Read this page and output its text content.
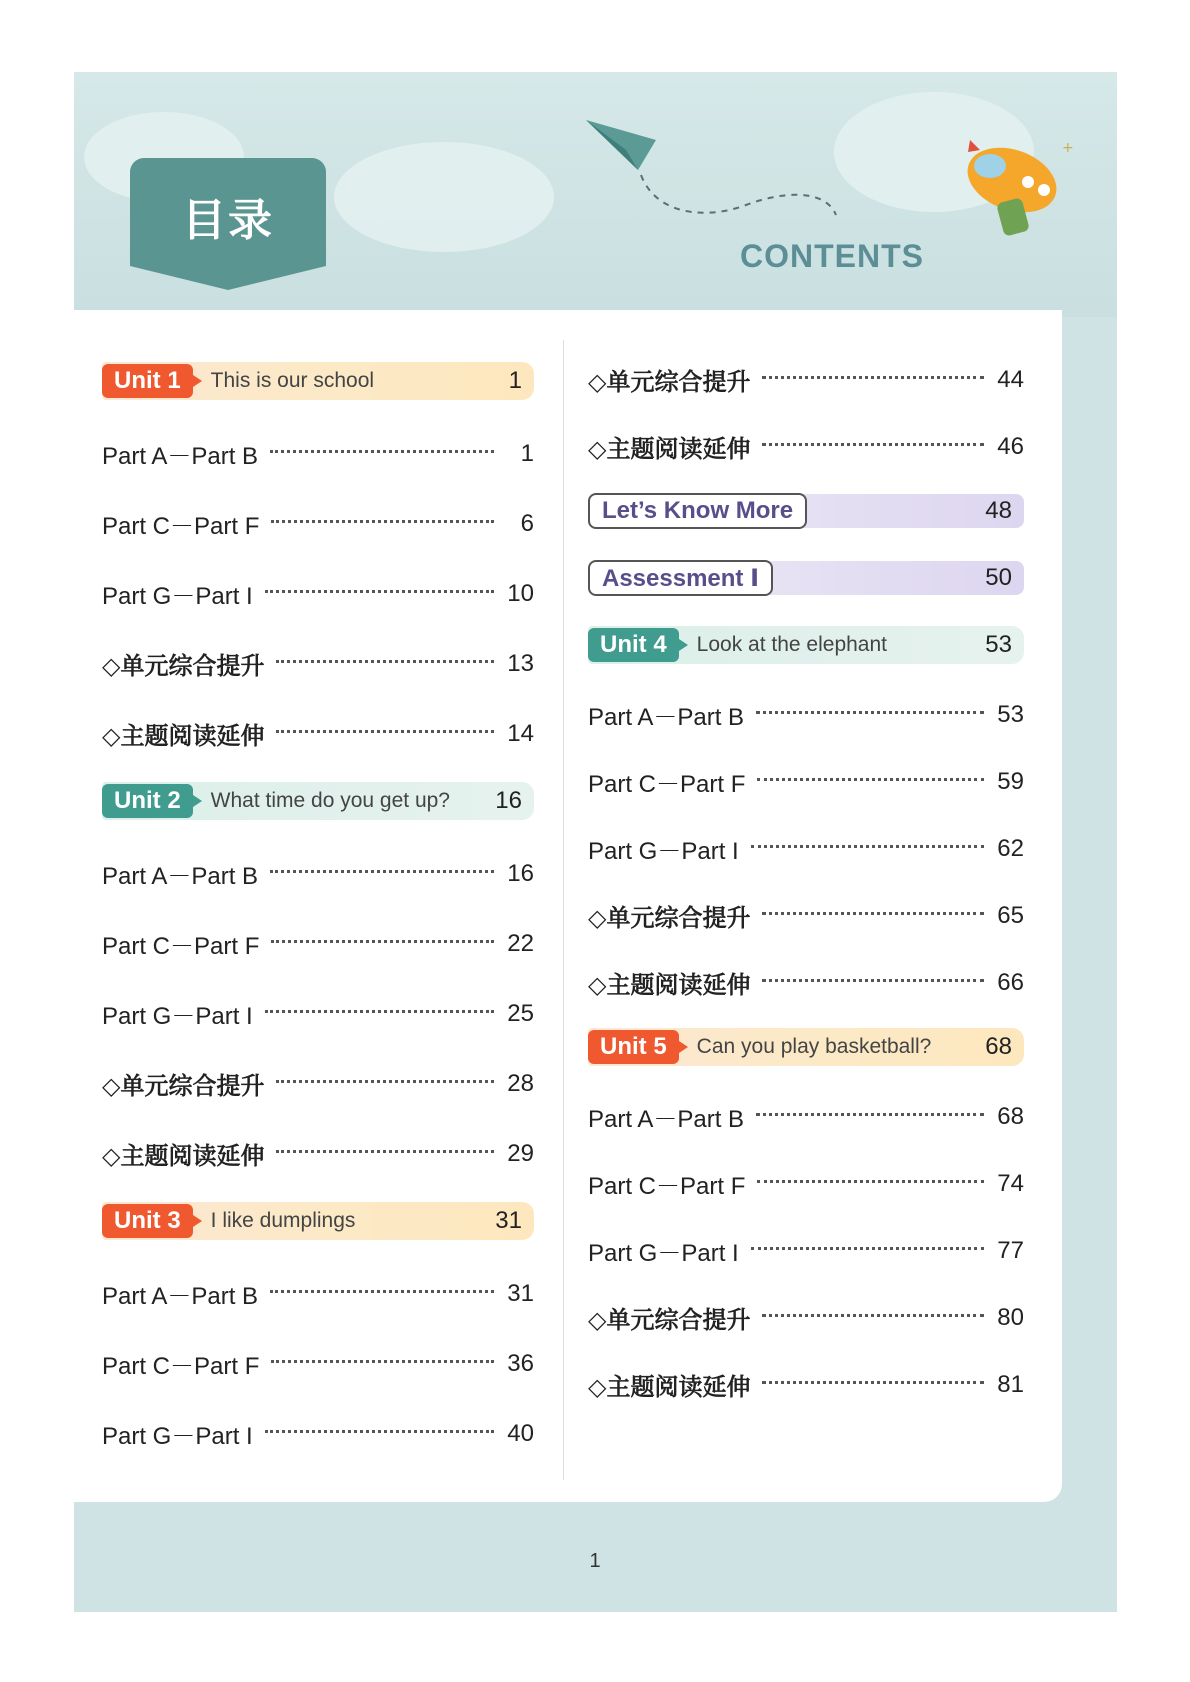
目录
CONTENTS
+
Unit 1	This is our school	1
Part A－Part B	1
Part C－Part F	6
Part G－Part I	10
◇单元综合提升	13
◇主题阅读延伸	14
Unit 2	What time do you get up?	16
Part A－Part B	16
Part C－Part F	22
Part G－Part I	25
◇单元综合提升	28
◇主题阅读延伸	29
Unit 3	I like dumplings	31
Part A－Part B	31
Part C－Part F	36
Part G－Part I	40
◇单元综合提升	44
◇主题阅读延伸	46
Let’s Know More	48
Assessment Ⅰ	50
Unit 4	Look at the elephant	53
Part A－Part B	53
Part C－Part F	59
Part G－Part I	62
◇单元综合提升	65
◇主题阅读延伸	66
Unit 5	Can you play basketball?	68
Part A－Part B	68
Part C－Part F	74
Part G－Part I	77
◇单元综合提升	80
◇主题阅读延伸	81
1
